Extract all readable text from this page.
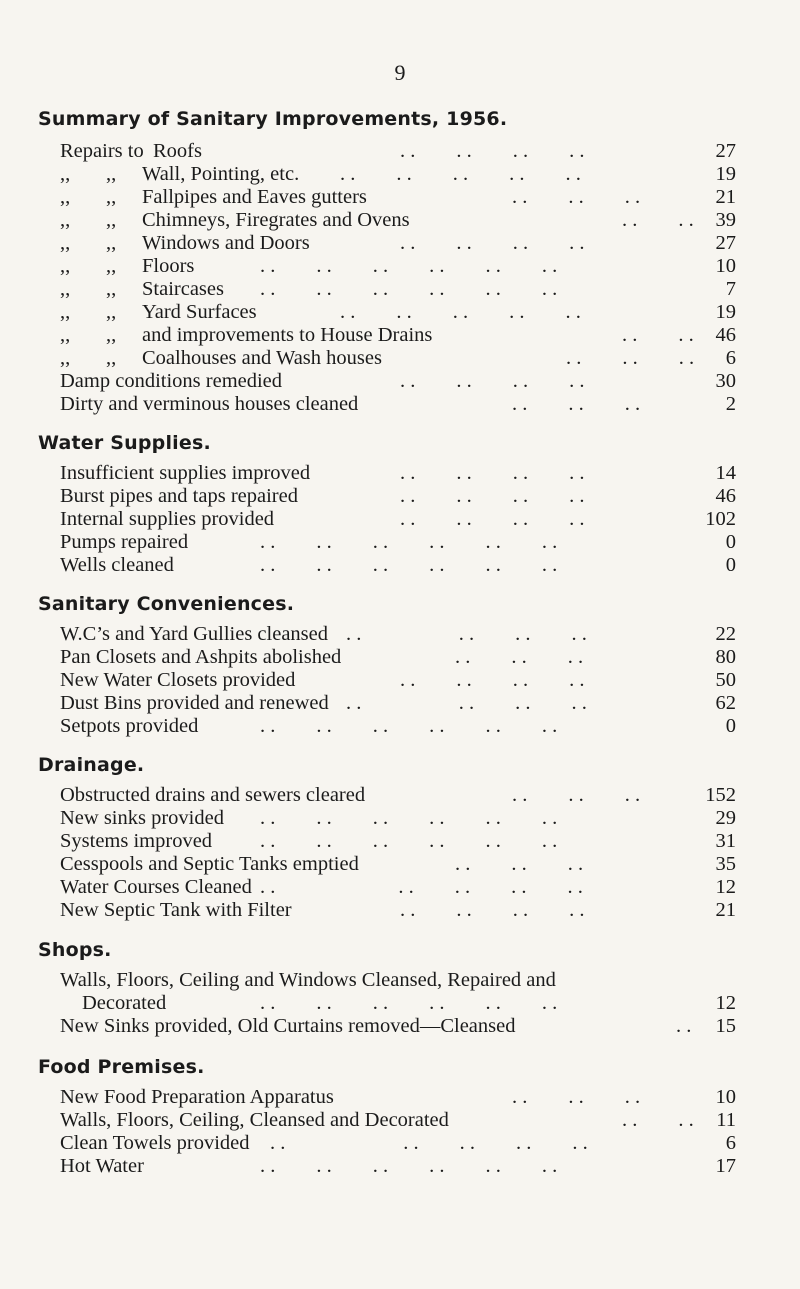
9
Summary of Sanitary Improvements, 1956.
Repairs to Roofs	. .        . .        . .        . .	27
,,	,,	Wall, Pointing, etc. . .        . .        . .        . .        . .	19
,,	,,	Fallpipes and Eaves gutters	. .        . .        . .	21
,,	,,	Chimneys, Firegrates and Ovens	. .        . . 39
,,	,,	Windows and Doors	. .        . .        . .        . .	27
,,	,,	Floors	. .        . .        . .        . .        . .        . .	10
,,	,,	Staircases . .        . .        . .        . .        . .        . .	7
,,	,,	Yard Surfaces	. .        . .        . .        . .        . .	19
,,	,,	and improvements to House Drains	. .        . . 46
,,	,,	Coalhouses and Wash houses	. .        . .        . . 6
Damp conditions remedied	. .        . .        . .        . .	30
Dirty and verminous houses cleaned	. .        . .        . .	2
Water Supplies.
Insufficient supplies improved	. .        . .        . .        . .	14
Burst pipes and taps repaired	. .        . .        . .        . .	46
Internal supplies provided	. .        . .        . .        . .	102
Pumps repaired	. .        . .        . .        . .        . .        . .	0
Wells cleaned	. .        . .        . .        . .        . .        . .	0
Sanitary Conveniences.
W.C’s and Yard Gullies cleansed . .                   . .        . .        . .	22
Pan Closets and Ashpits abolished	. .        . .        . .	80
New Water Closets provided	. .        . .        . .        . .	50
Dust Bins provided and renewed . .                   . .        . .        . .	62
Setpots provided	. .        . .        . .        . .        . .        . .	0
Drainage.
Obstructed drains and sewers cleared	. .        . .        . .	152
New sinks provided . .        . .        . .        . .        . .        . .	29
Systems improved . .        . .        . .        . .        . .        . .	31
Cesspools and Septic Tanks emptied	. .        . .        . .	35
Water Courses Cleaned . .                        . .        . .        . .        . .	12
New Septic Tank with Filter	. .        . .        . .        . .	21
Shops.
Walls, Floors, Ceiling and Windows Cleansed, Repaired and
Decorated	. .        . .        . .        . .        . .        . .	12
New Sinks provided, Old Curtains removed—Cleansed	. . 15
Food Premises.
New Food Preparation Apparatus	. .        . .        . .	10
Walls, Floors, Ceiling, Cleansed and Decorated	. .        . . 11
Clean Towels provided . .                       . .        . .        . .        . .	6
Hot Water	. .        . .        . .        . .        . .        . .	17
